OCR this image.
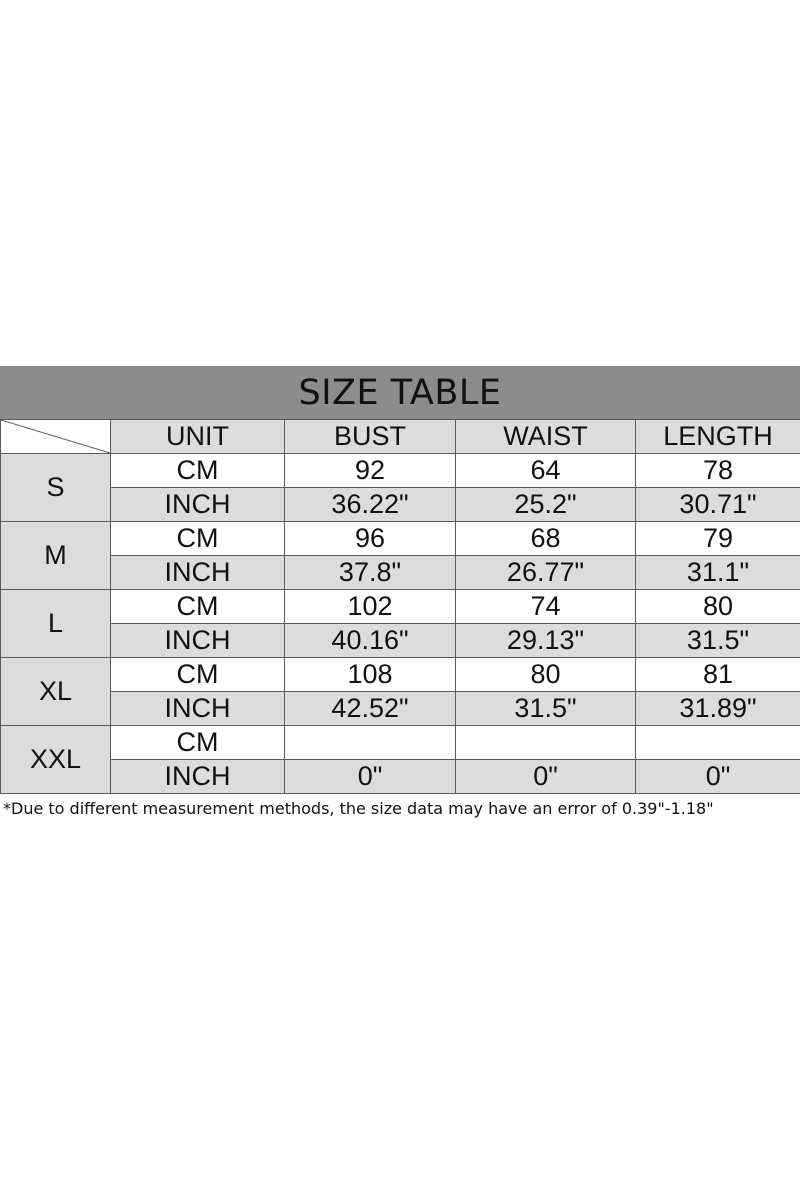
SIZE TABLE
	UNIT	BUST	WAIST	LENGTH
S	CM	92	64	78
	INCH	36.22"	25.2"	30.71"
M	CM	96	68	79
	INCH	37.8"	26.77"	31.1"
L	CM	102	74	80
	INCH	40.16"	29.13"	31.5"
XL	CM	108	80	81
	INCH	42.52"	31.5"	31.89"
XXL	CM			
	INCH	0"	0"	0"

*Due to different measurement methods, the size data may have an error of 0.39"-1.18"
